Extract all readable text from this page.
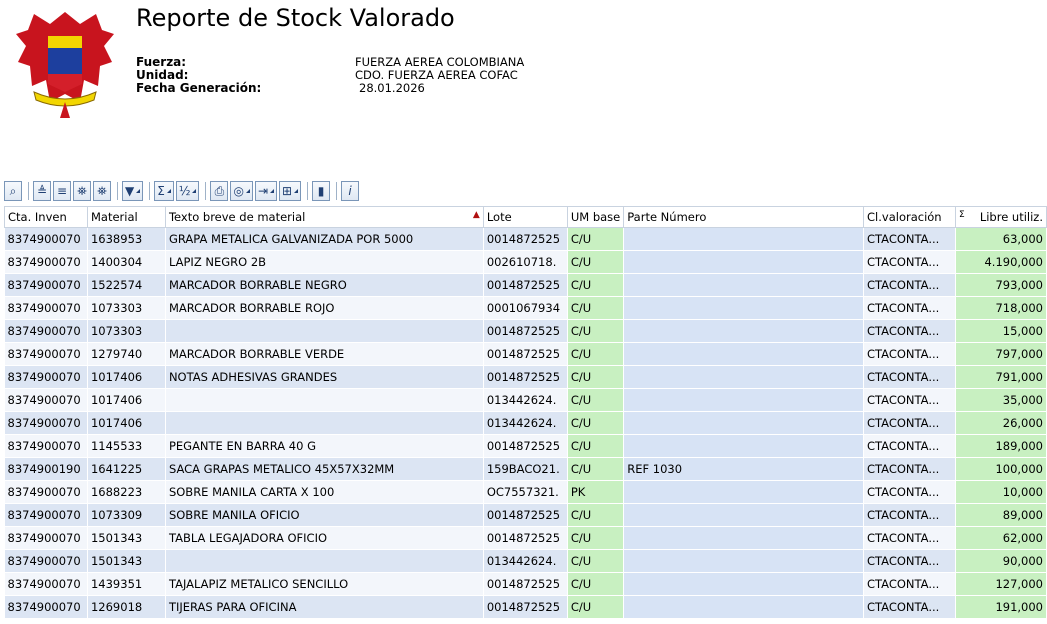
Reporte de Stock Valorado
Fuerza:	FUERZA AEREA COLOMBIANA
Unidad:	CDO. FUERZA AEREA COFAC
Fecha Generación:	28.01.2026
⌕	≜ ≡ ⛯ ⛯	▼	Σ	½	⎙ ◎	⇥	⊞	▮	i
Cta. Inven	Material	Texto breve de material ▲	Lote	UM base	Parte Número	Cl.valoración	Σ Libre utiliz.
8374900070	1638953	GRAPA METALICA GALVANIZADA POR 5000	0014872525	C/U		CTACONTA...	63,000
8374900070	1400304	LAPIZ NEGRO 2B	002610718.	C/U		CTACONTA...	4.190,000
8374900070	1522574	MARCADOR BORRABLE NEGRO	0014872525	C/U		CTACONTA...	793,000
8374900070	1073303	MARCADOR BORRABLE ROJO	0001067934	C/U		CTACONTA...	718,000
8374900070	1073303		0014872525	C/U		CTACONTA...	15,000
8374900070	1279740	MARCADOR BORRABLE VERDE	0014872525	C/U		CTACONTA...	797,000
8374900070	1017406	NOTAS ADHESIVAS GRANDES	0014872525	C/U		CTACONTA...	791,000
8374900070	1017406		013442624.	C/U		CTACONTA...	35,000
8374900070	1017406		013442624.	C/U		CTACONTA...	26,000
8374900070	1145533	PEGANTE EN BARRA 40 G	0014872525	C/U		CTACONTA...	189,000
8374900190	1641225	SACA GRAPAS METALICO 45X57X32MM	159BACO21.	C/U	REF 1030	CTACONTA...	100,000
8374900070	1688223	SOBRE MANILA CARTA X 100	OC7557321.	PK		CTACONTA...	10,000
8374900070	1073309	SOBRE MANILA OFICIO	0014872525	C/U		CTACONTA...	89,000
8374900070	1501343	TABLA LEGAJADORA OFICIO	0014872525	C/U		CTACONTA...	62,000
8374900070	1501343		013442624.	C/U		CTACONTA...	90,000
8374900070	1439351	TAJALAPIZ METALICO SENCILLO	0014872525	C/U		CTACONTA...	127,000
8374900070	1269018	TIJERAS PARA OFICINA	0014872525	C/U		CTACONTA...	191,000
